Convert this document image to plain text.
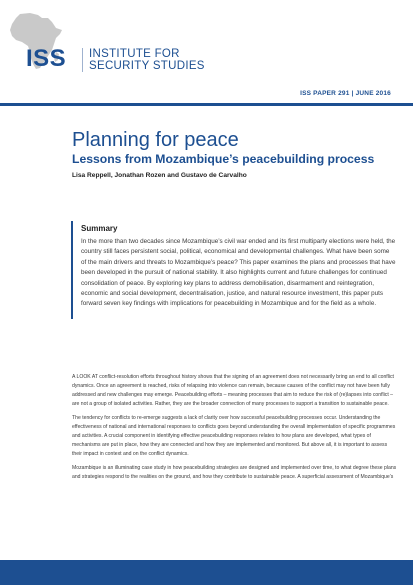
ISS INSTITUTE FOR
SECURITY STUDIES
ISS PAPER 291 | JUNE 2016
Planning for peace
Lessons from Mozambique’s peacebuilding process

Lisa Reppell, Jonathan Rozen and Gustavo de Carvalho

Summary

In the more than two decades since Mozambique’s civil war ended and its first multiparty elections were held, the country still faces persistent social, political, economical and developmental challenges. What have been some of the main drivers and threats to Mozambique’s peace? This paper examines the plans and processes that have been developed in the pursuit of national stability. It also highlights current and future challenges for continued consolidation of peace. By exploring key plans to address demobilisation, disarmament and reintegration, economic and social development, decentralisation, justice, and natural resource investment, this paper puts forward seven key findings with implications for peacebuilding in Mozambique and for the field as a whole.

A LOOK AT conflict-resolution efforts throughout history shows that the signing of an agreement does not necessarily bring an end to all conflict dynamics. Once an agreement is reached, risks of relapsing into violence can remain, because causes of the conflict may not have been fully addressed and new challenges may emerge. Peacebuilding efforts – meaning processes that aim to reduce the risk of (re)lapses into conflict – are not a group of isolated activities. Rather, they are the broader connection of many processes to support a transition to sustainable peace.

The tendency for conflicts to re-emerge suggests a lack of clarity over how successful peacebuilding processes occur. Understanding the effectiveness of national and international responses to conflicts goes beyond understanding the overall implementation of specific programmes and activities. A crucial component in identifying effective peacebuilding responses relates to how plans are developed, what types of mechanisms are put in place, how they are connected and how they are implemented and monitored. But above all, it is important to assess their impact in context and on the conflict dynamics.

Mozambique is an illuminating case study in how peacebuilding strategies are designed and implemented over time, to what degree these plans and strategies respond to the realities on the ground, and how they contribute to sustainable peace. A superficial assessment of Mozambique’s
